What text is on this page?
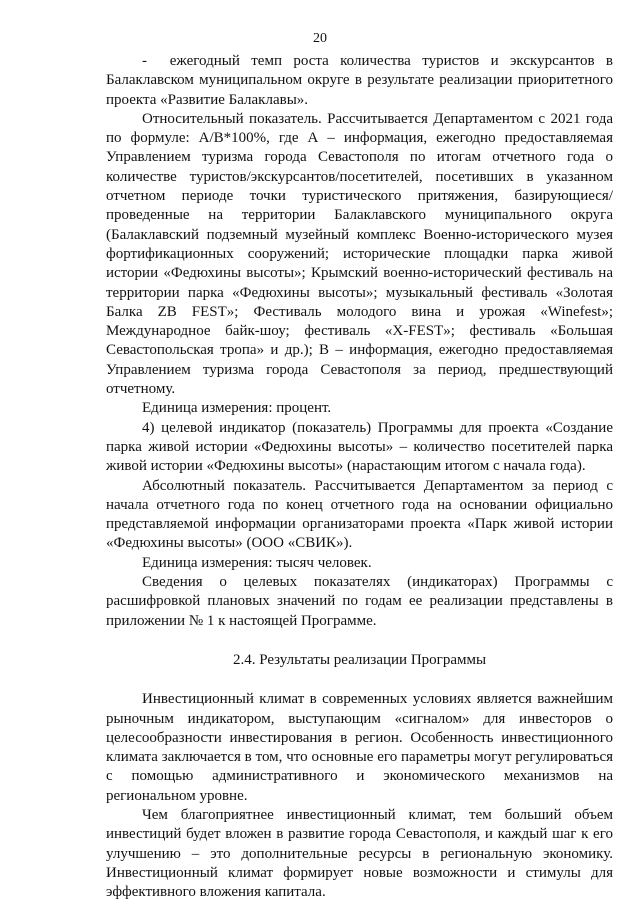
20

-  ежегодный темп роста количества туристов и экскурсантов в Балаклавском муниципальном округе в результате реализации приоритетного проекта «Развитие Балаклавы».

Относительный показатель. Рассчитывается Департаментом с 2021 года по формуле: А/В*100%, где А – информация, ежегодно предоставляемая Управлением туризма города Севастополя по итогам отчетного года о количестве туристов/экскурсантов/посетителей, посетивших в указанном отчетном периоде точки туристического притяжения, базирующиеся/проведенные на территории Балаклавского муниципального округа (Балаклавский подземный музейный комплекс Военно-исторического музея фортификационных сооружений; исторические площадки парка живой истории «Федюхины высоты»; Крымский военно-исторический фестиваль на территории парка «Федюхины высоты»; музыкальный фестиваль «Золотая Балка ZB FEST»; Фестиваль молодого вина и урожая «Winefest»; Международное байк-шоу; фестиваль «X-FEST»; фестиваль «Большая Севастопольская тропа» и др.); В – информация, ежегодно предоставляемая Управлением туризма города Севастополя за период, предшествующий отчетному.

Единица измерения: процент.

4) целевой индикатор (показатель) Программы для проекта «Создание парка живой истории «Федюхины высоты» – количество посетителей парка живой истории «Федюхины высоты» (нарастающим итогом с начала года).

Абсолютный показатель. Рассчитывается Департаментом за период с начала отчетного года по конец отчетного года на основании официально представляемой информации организаторами проекта «Парк живой истории «Федюхины высоты» (ООО «СВИК»).

Единица измерения: тысяч человек.

Сведения о целевых показателях (индикаторах) Программы с расшифровкой плановых значений по годам ее реализации представлены в приложении № 1 к настоящей Программе.

2.4. Результаты реализации Программы

Инвестиционный климат в современных условиях является важнейшим рыночным индикатором, выступающим «сигналом» для инвесторов о целесообразности инвестирования в регион. Особенность инвестиционного климата заключается в том, что основные его параметры могут регулироваться с помощью административного и экономического механизмов на региональном уровне.

Чем благоприятнее инвестиционный климат, тем больший объем инвестиций будет вложен в развитие города Севастополя, и каждый шаг к его улучшению – это дополнительные ресурсы в региональную экономику. Инвестиционный климат формирует новые возможности и стимулы для эффективного вложения капитала.
